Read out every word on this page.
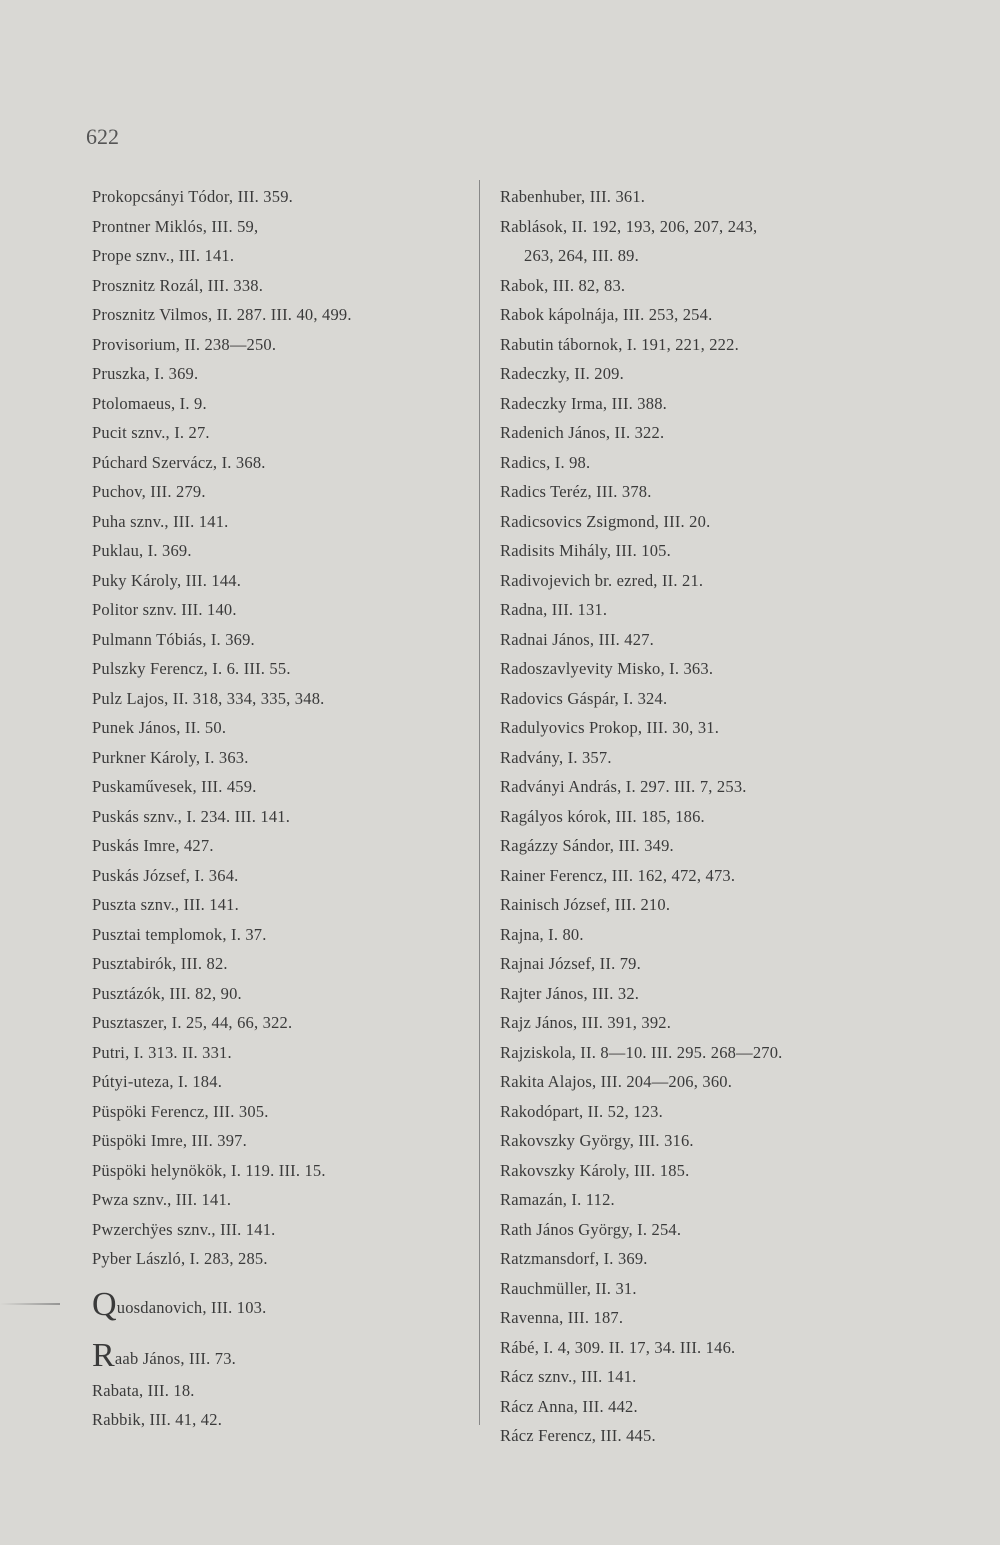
622
Prokopcsányi Tódor, III. 359.
Prontner Miklós, III. 59,
Prope sznv., III. 141.
Prosznitz Rozál, III. 338.
Prosznitz Vilmos, II. 287. III. 40, 499.
Provisorium, II. 238—250.
Pruszka, I. 369.
Ptolomaeus, I. 9.
Pucit sznv., I. 27.
Púchard Szervácz, I. 368.
Puchov, III. 279.
Puha sznv., III. 141.
Puklau, I. 369.
Puky Károly, III. 144.
Politor sznv. III. 140.
Pulmann Tóbiás, I. 369.
Pulszky Ferencz, I. 6. III. 55.
Pulz Lajos, II. 318, 334, 335, 348.
Punek János, II. 50.
Purkner Károly, I. 363.
Puskaművesek, III. 459.
Puskás sznv., I. 234. III. 141.
Puskás Imre, 427.
Puskás József, I. 364.
Puszta sznv., III. 141.
Pusztai templomok, I. 37.
Pusztabirók, III. 82.
Pusztázók, III. 82, 90.
Pusztaszer, I. 25, 44, 66, 322.
Putri, I. 313. II. 331.
Pútyi-uteza, I. 184.
Püspöki Ferencz, III. 305.
Püspöki Imre, III. 397.
Püspöki helynökök, I. 119. III. 15.
Pwza sznv., III. 141.
Pwzerchÿes sznv., III. 141.
Pyber László, I. 283, 285.
Quosdanovich, III. 103.
Raab János, III. 73.
Rabata, III. 18.
Rabbik, III. 41, 42.
Rabenhuber, III. 361.
Rablások, II. 192, 193, 206, 207, 243,
263, 264, III. 89.
Rabok, III. 82, 83.
Rabok kápolnája, III. 253, 254.
Rabutin tábornok, I. 191, 221, 222.
Radeczky, II. 209.
Radeczky Irma, III. 388.
Radenich János, II. 322.
Radics, I. 98.
Radics Teréz, III. 378.
Radicsovics Zsigmond, III. 20.
Radisits Mihály, III. 105.
Radivojevich br. ezred, II. 21.
Radna, III. 131.
Radnai János, III. 427.
Radoszavlyevity Misko, I. 363.
Radovics Gáspár, I. 324.
Radulyovics Prokop, III. 30, 31.
Radvány, I. 357.
Radványi András, I. 297. III. 7, 253.
Ragályos kórok, III. 185, 186.
Ragázzy Sándor, III. 349.
Rainer Ferencz, III. 162, 472, 473.
Rainisch József, III. 210.
Rajna, I. 80.
Rajnai József, II. 79.
Rajter János, III. 32.
Rajz János, III. 391, 392.
Rajziskola, II. 8—10. III. 295. 268—270.
Rakita Alajos, III. 204—206, 360.
Rakodópart, II. 52, 123.
Rakovszky György, III. 316.
Rakovszky Károly, III. 185.
Ramazán, I. 112.
Rath János György, I. 254.
Ratzmansdorf, I. 369.
Rauchmüller, II. 31.
Ravenna, III. 187.
Rábé, I. 4, 309. II. 17, 34. III. 146.
Rácz sznv., III. 141.
Rácz Anna, III. 442.
Rácz Ferencz, III. 445.
